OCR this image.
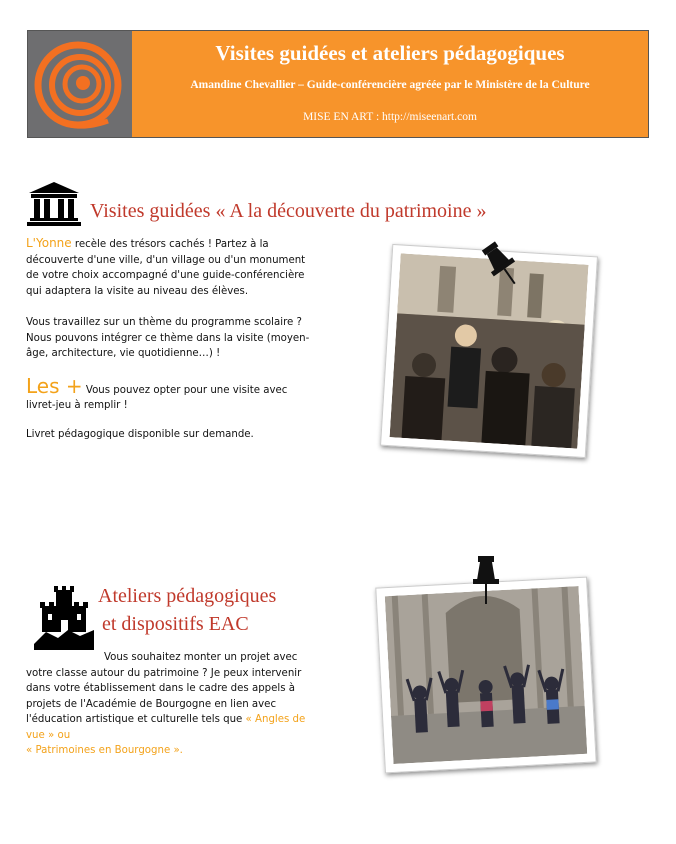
Visites guidées et ateliers pédagogiques
Amandine Chevallier – Guide-conférencière agréée par le Ministère de la Culture
MISE EN ART : http://miseenart.com
Visites guidées « A la découverte du patrimoine »

L'Yonne recèle des trésors cachés ! Partez à la découverte d'une ville, d'un village ou d'un monument de votre choix accompagné d'une guide-conférencière qui adaptera la visite au niveau des élèves.

Vous travaillez sur un thème du programme scolaire ? Nous pouvons intégrer ce thème dans la visite (moyen-âge, architecture, vie quotidienne…) !

Les + Vous pouvez opter pour une visite avec livret-jeu à remplir !

Livret pédagogique disponible sur demande.

Ateliers pédagogiques
et dispositifs EAC

Vous souhaitez monter un projet avec votre classe autour du patrimoine ? Je peux intervenir dans votre établissement dans le cadre des appels à projets de l'Académie de Bourgogne en lien avec l'éducation artistique et culturelle tels que « Angles de vue » ou
« Patrimoines en Bourgogne ».
